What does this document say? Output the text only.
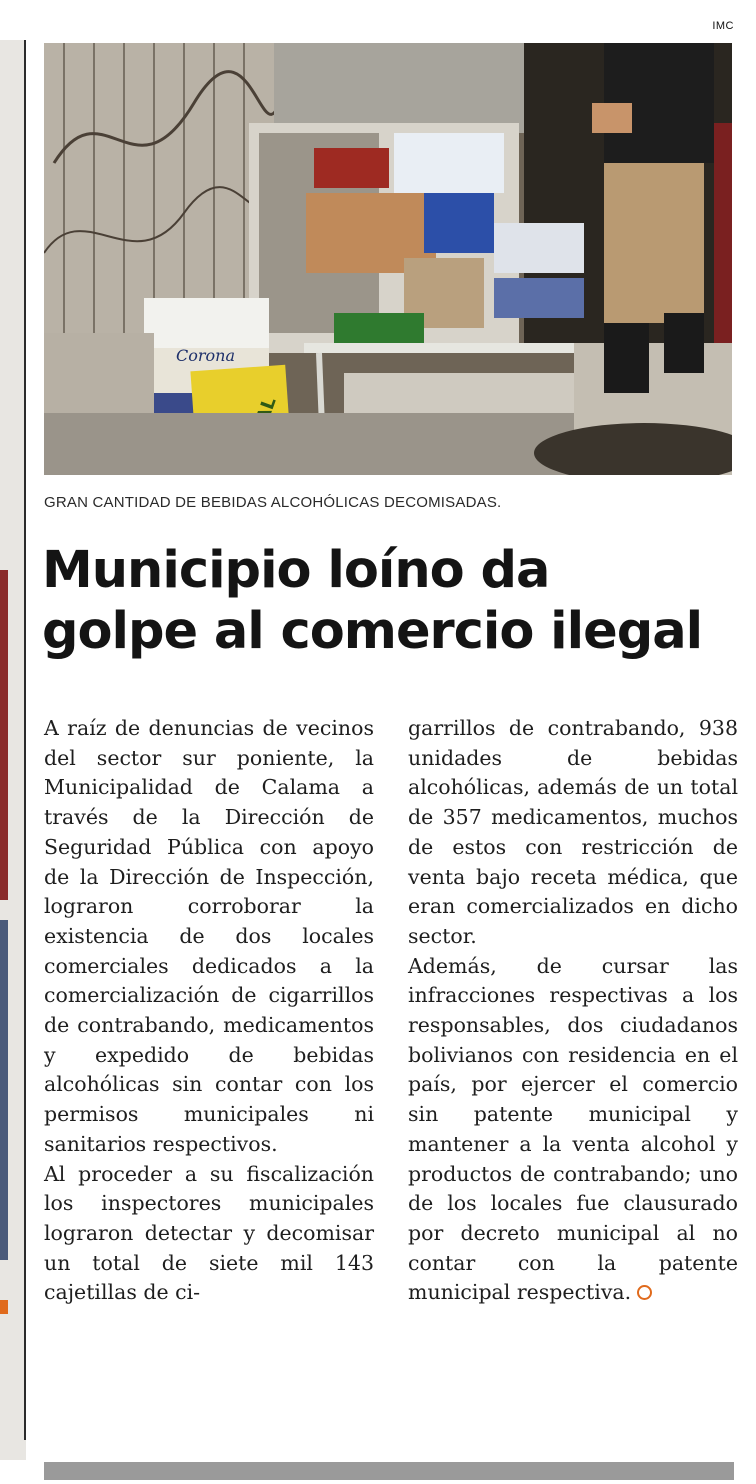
IMC
Corona
GRAN CANTIDAD DE BEBIDAS ALCOHÓLICAS DECOMISADAS.
Municipio loíno da
golpe al comercio ilegal

A raíz de denuncias de vecinos del sector sur poniente, la Municipalidad de Calama a través de la Dirección de Seguridad Pública con apoyo de la Dirección de Inspección, lograron corroborar la existencia de dos locales comerciales dedicados a la comercialización de cigarrillos de contrabando, medicamentos y expedido de bebidas alcohólicas sin contar con los permisos municipales ni sanitarios respectivos.

Al proceder a su fiscalización los inspectores municipales lograron detectar y decomisar un total de siete mil 143 cajetillas de ci-

garrillos de contrabando, 938 unidades de bebidas alcohólicas, además de un total de 357 medicamentos, muchos de estos con restricción de venta bajo receta médica, que eran comercializados en dicho sector.

Además, de cursar las infracciones respectivas a los responsables, dos ciudadanos bolivianos con residencia en el país, por ejercer el comercio sin patente municipal y mantener a la venta alcohol y productos de contrabando; uno de los locales fue clausurado por decreto municipal al no contar con la patente municipal respectiva.
